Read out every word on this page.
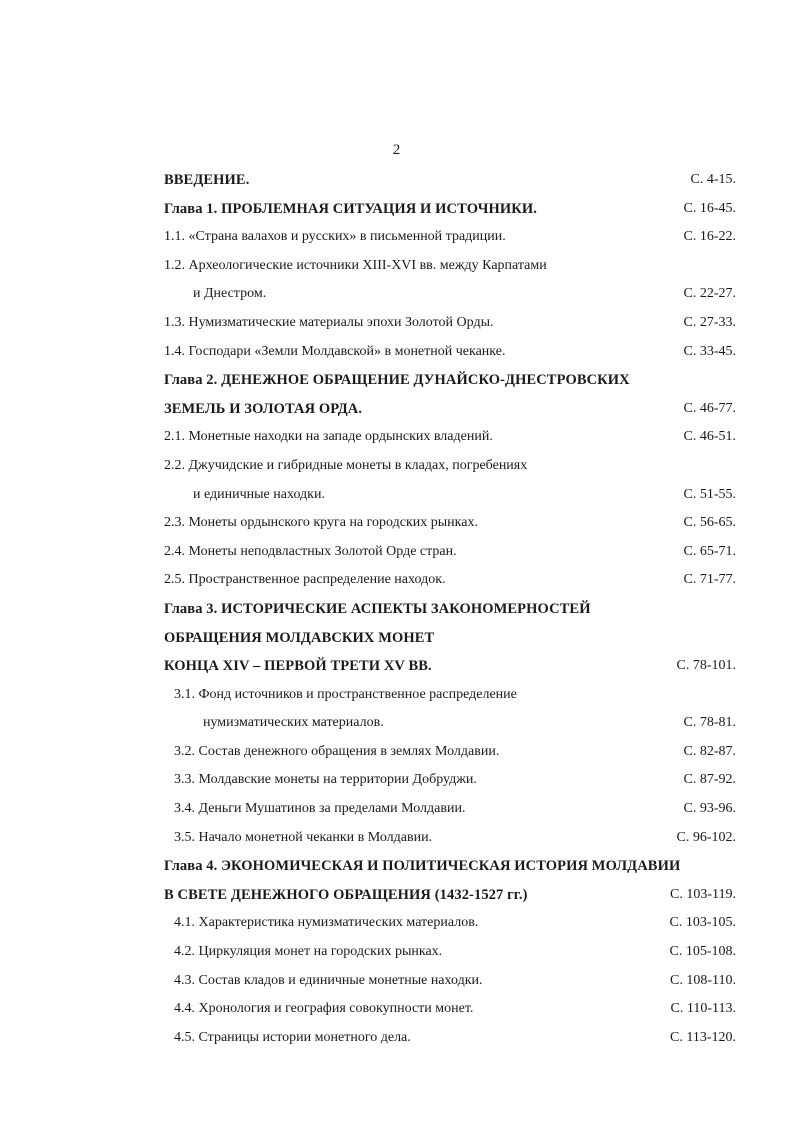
2
ВВЕДЕНИЕ.	С. 4-15.
Глава 1. ПРОБЛЕМНАЯ СИТУАЦИЯ И ИСТОЧНИКИ.	С. 16-45.
1.1. «Страна валахов и русских» в письменной традиции.	С. 16-22.
1.2. Археологические источники XIII-XVI вв. между Карпатами
и Днестром.	С. 22-27.
1.3. Нумизматические материалы эпохи Золотой Орды.	С. 27-33.
1.4. Господари «Земли Молдавской» в монетной чеканке.	С. 33-45.
Глава 2. ДЕНЕЖНОЕ ОБРАЩЕНИЕ ДУНАЙСКО-ДНЕСТРОВСКИХ
ЗЕМЕЛЬ И ЗОЛОТАЯ ОРДА.	С. 46-77.
2.1. Монетные находки на западе ордынских владений.	С. 46-51.
2.2. Джучидские и гибридные монеты в кладах, погребениях
и единичные находки.	С. 51-55.
2.3. Монеты ордынского круга на городских рынках.	С. 56-65.
2.4. Монеты неподвластных Золотой Орде стран.	С. 65-71.
2.5. Пространственное распределение находок.	С. 71-77.
Глава 3. ИСТОРИЧЕСКИЕ АСПЕКТЫ ЗАКОНОМЕРНОСТЕЙ
ОБРАЩЕНИЯ МОЛДАВСКИХ МОНЕТ
КОНЦА XIV – ПЕРВОЙ ТРЕТИ XV ВВ.	С. 78-101.
3.1. Фонд источников и пространственное распределение
нумизматических материалов.	С. 78-81.
3.2. Состав денежного обращения в землях Молдавии.	С. 82-87.
3.3. Молдавские монеты на территории Добруджи.	С. 87-92.
3.4. Деньги Мушатинов за пределами Молдавии.	С. 93-96.
3.5. Начало монетной чеканки в Молдавии.	С. 96-102.
Глава 4. ЭКОНОМИЧЕСКАЯ И ПОЛИТИЧЕСКАЯ ИСТОРИЯ МОЛДАВИИ
В СВЕТЕ ДЕНЕЖНОГО ОБРАЩЕНИЯ (1432-1527 гг.)	С. 103-119.
4.1. Характеристика нумизматических материалов.	С. 103-105.
4.2. Циркуляция монет на городских рынках.	С. 105-108.
4.3. Состав кладов и единичные монетные находки.	С. 108-110.
4.4. Хронология и география совокупности монет.	С. 110-113.
4.5. Страницы истории монетного дела.	С. 113-120.
